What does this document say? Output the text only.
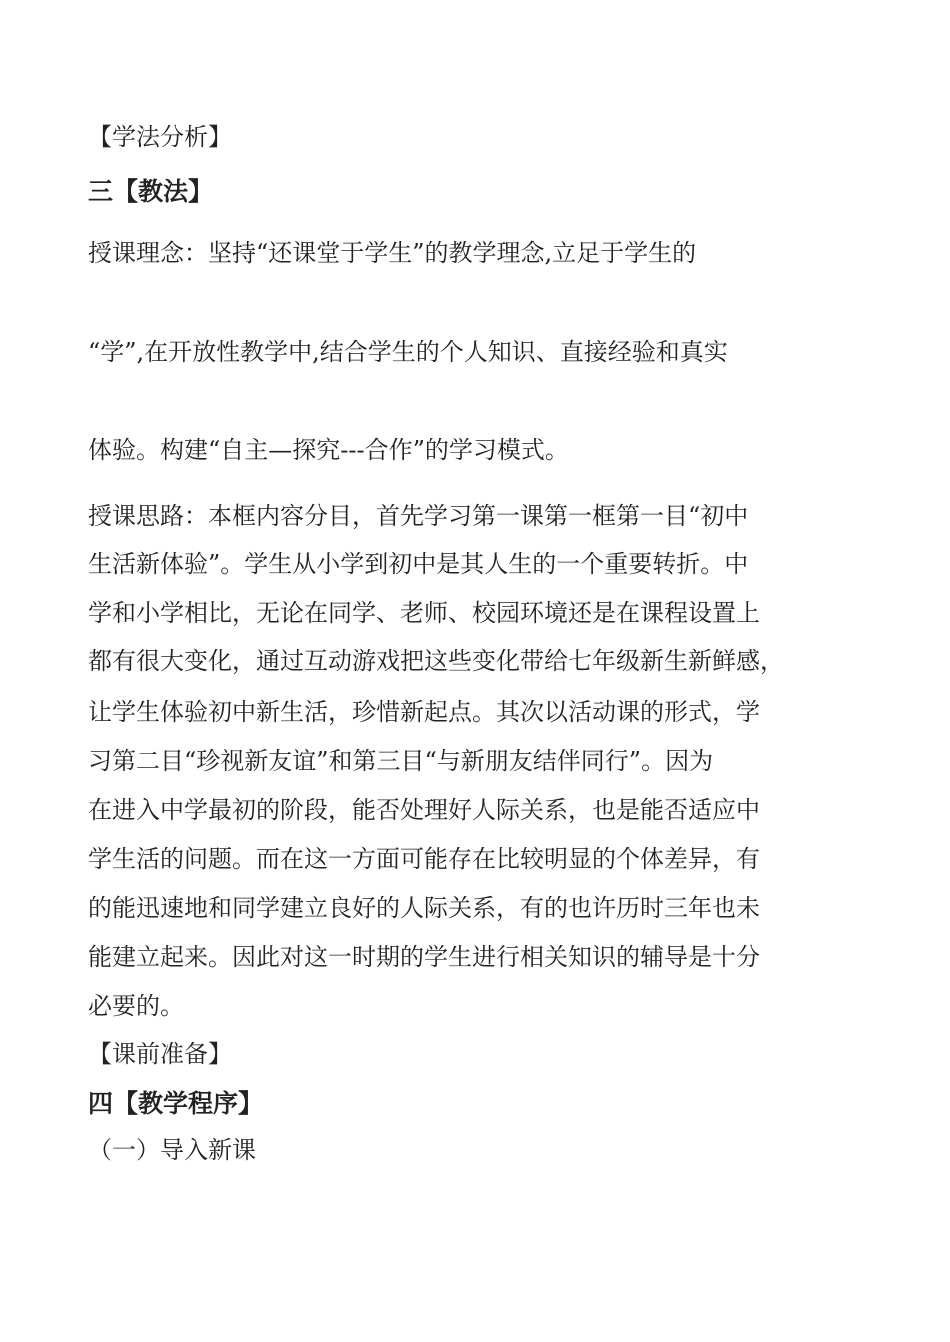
【学法分析】

三【教法】

授课理念：坚持“还课堂于学生”的教学理念,立足于学生的

“学”,在开放性教学中,结合学生的个人知识、直接经验和真实

体验。构建“自主—探究---合作”的学习模式。

授课思路：本框内容分目，首先学习第一课第一框第一目“初中

生活新体验”。学生从小学到初中是其人生的一个重要转折。中

学和小学相比，无论在同学、老师、校园环境还是在课程设置上

都有很大变化，通过互动游戏把这些变化带给七年级新生新鲜感，

让学生体验初中新生活，珍惜新起点。其次以活动课的形式，学

习第二目“珍视新友谊”和第三目“与新朋友结伴同行”。因为

在进入中学最初的阶段，能否处理好人际关系，也是能否适应中

学生活的问题。而在这一方面可能存在比较明显的个体差异，有

的能迅速地和同学建立良好的人际关系，有的也许历时三年也未

能建立起来。因此对这一时期的学生进行相关知识的辅导是十分

必要的。

【课前准备】

四【教学程序】

（一）导入新课
